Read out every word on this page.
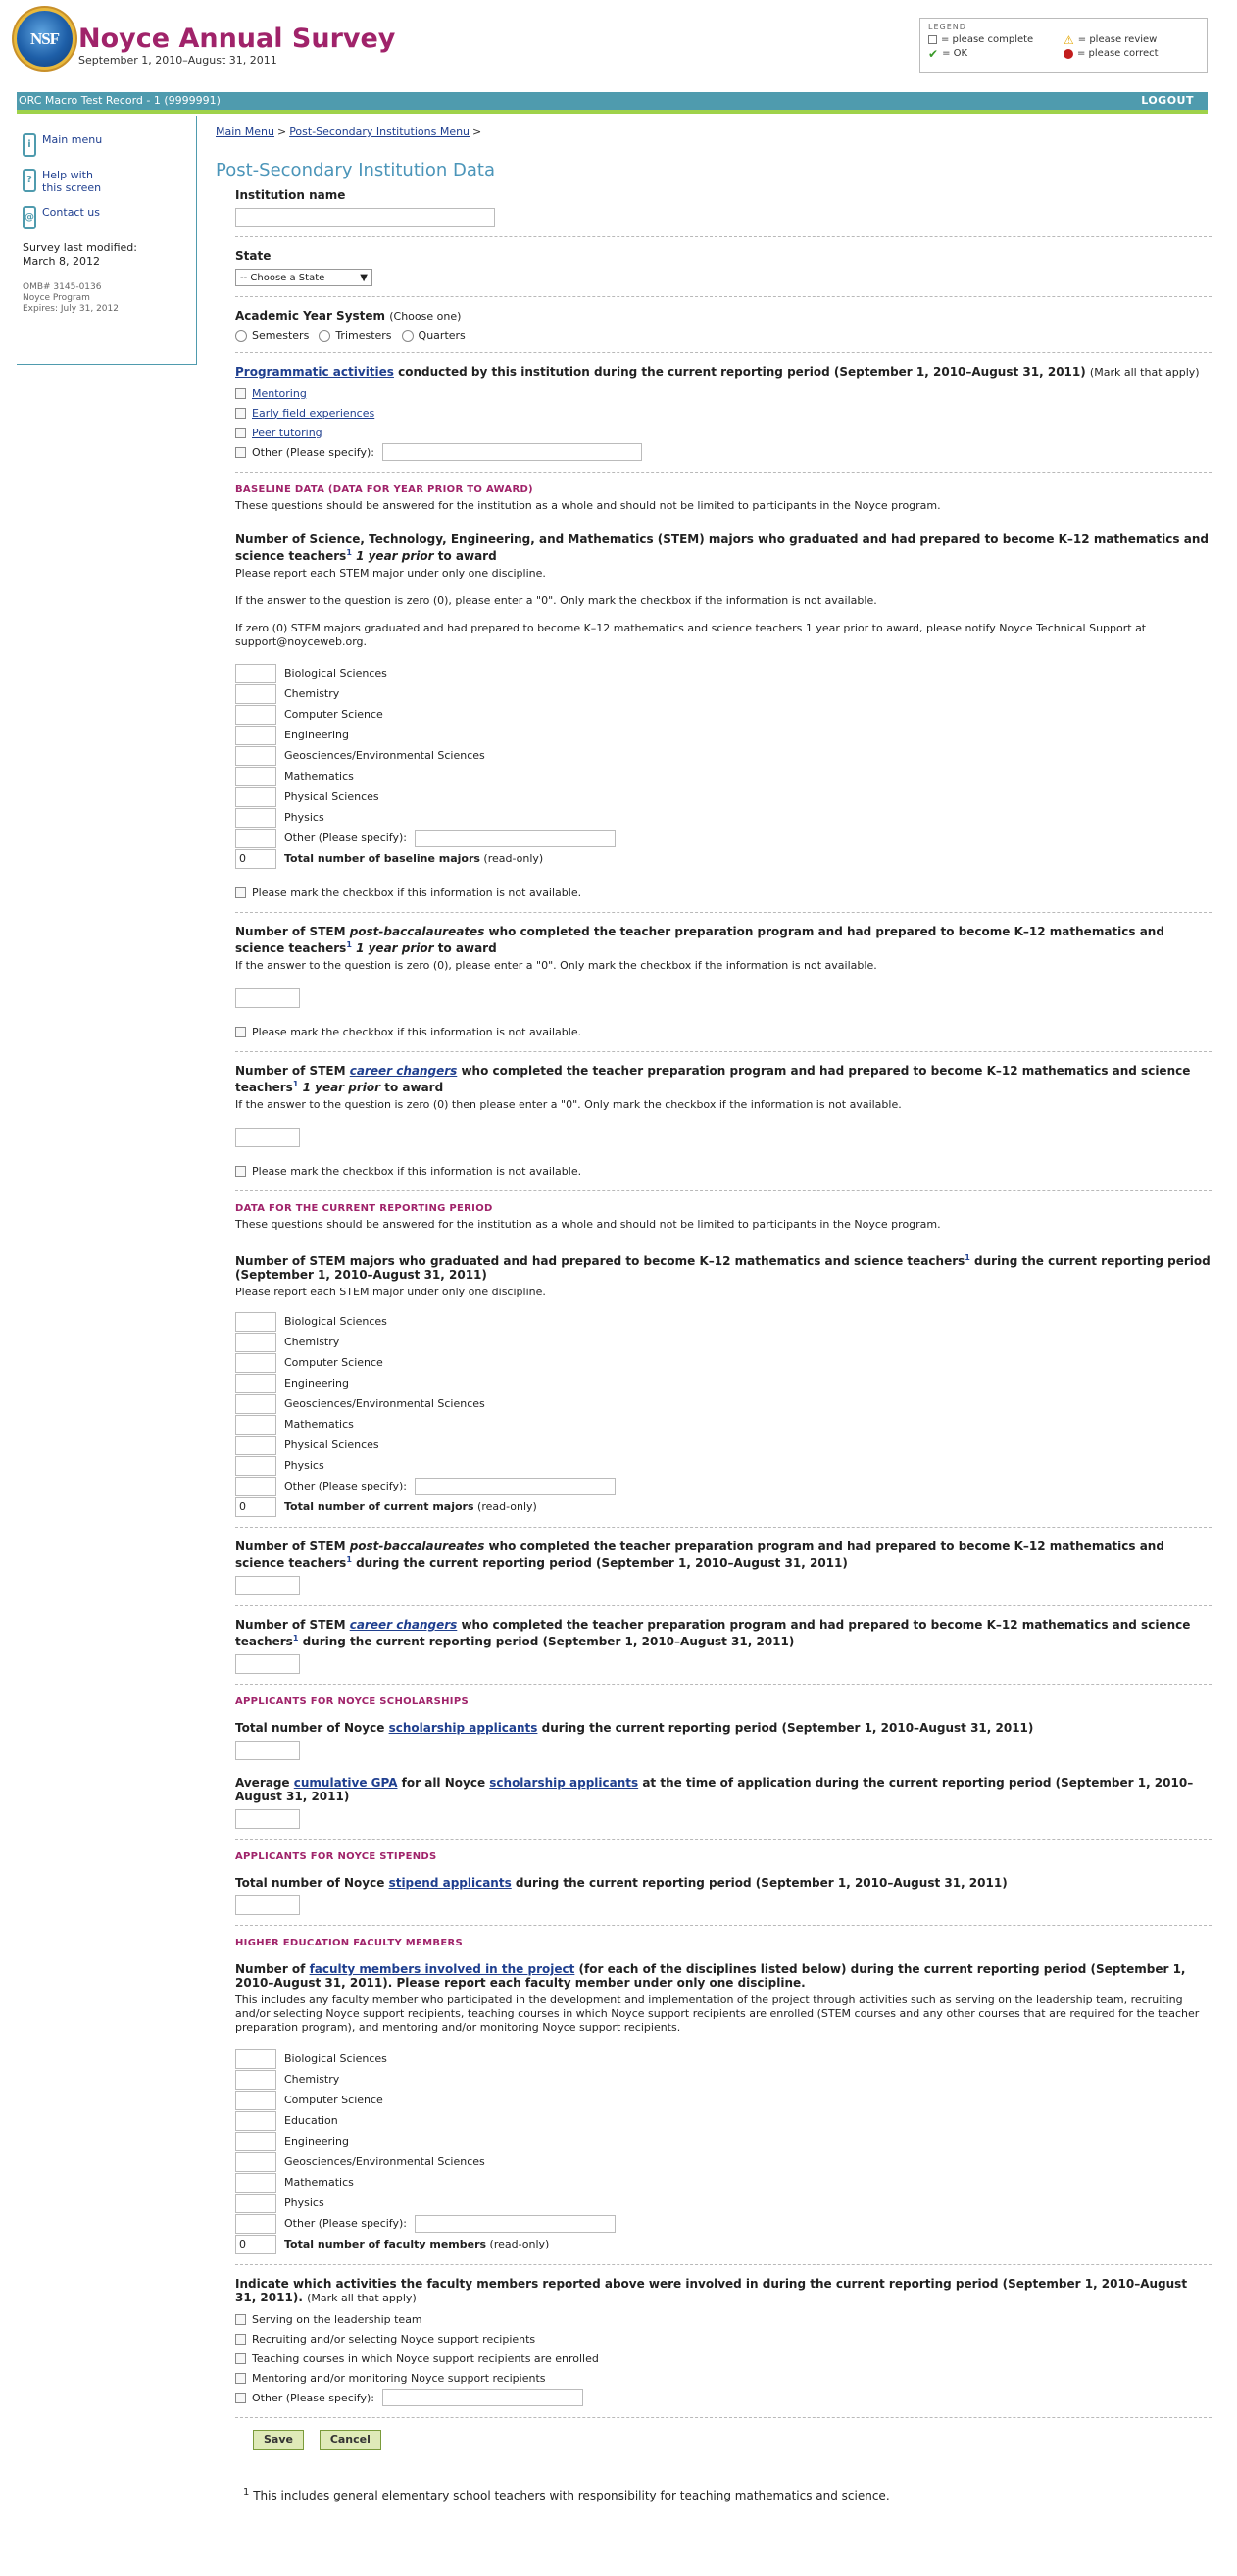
NSF Noyce Annual Survey
September 1, 2010–August 31, 2011
LEGEND
= please complete	⚠ = please review
✔ = OK	= please correct
ORC Macro Test Record - 1 (9999991)	LOGOUT
i	Main menu
? Help with this screen
@ Contact us
Survey last modified:
March 8, 2012
OMB# 3145-0136
Noyce Program
Expires: July 31, 2012
Main Menu > Post-Secondary Institutions Menu >
Post-Secondary Institution Data
Institution name
State
-- Choose a State	▼
Academic Year System (Choose one)
Semesters	Trimesters	Quarters
Programmatic activities conducted by this institution during the current reporting period (September 1, 2010–August 31, 2011) (Mark all that apply)
Mentoring
Early field experiences
Peer tutoring
Other (Please specify):
BASELINE DATA (DATA FOR YEAR PRIOR TO AWARD)
These questions should be answered for the institution as a whole and should not be limited to participants in the Noyce program.
Number of Science, Technology, Engineering, and Mathematics (STEM) majors who graduated and had prepared to become K–12 mathematics and science teachers$^1$ 1 year prior to award
Please report each STEM major under only one discipline.
If the answer to the question is zero (0), please enter a "0". Only mark the checkbox if the information is not available.
If zero (0) STEM majors graduated and had prepared to become K–12 mathematics and science teachers 1 year prior to award, please notify Noyce Technical Support at support@noyceweb.org.
Biological Sciences
Chemistry
Computer Science
Engineering
Geosciences/Environmental Sciences
Mathematics
Physical Sciences
Physics
Other (Please specify):
0	Total number of baseline majors (read-only)
Please mark the checkbox if this information is not available.
Number of STEM post-baccalaureates who completed the teacher preparation program and had prepared to become K–12 mathematics and science teachers$^1$ 1 year prior to award
If the answer to the question is zero (0), please enter a "0". Only mark the checkbox if the information is not available.
Please mark the checkbox if this information is not available.
Number of STEM career changers who completed the teacher preparation program and had prepared to become K–12 mathematics and science teachers$^1$ 1 year prior to award
If the answer to the question is zero (0) then please enter a "0". Only mark the checkbox if the information is not available.
Please mark the checkbox if this information is not available.
DATA FOR THE CURRENT REPORTING PERIOD
These questions should be answered for the institution as a whole and should not be limited to participants in the Noyce program.
Number of STEM majors who graduated and had prepared to become K–12 mathematics and science teachers$^1$ during the current reporting period (September 1, 2010–August 31, 2011)
Please report each STEM major under only one discipline.
Biological Sciences
Chemistry
Computer Science
Engineering
Geosciences/Environmental Sciences
Mathematics
Physical Sciences
Physics
Other (Please specify):
0	Total number of current majors (read-only)
Number of STEM post-baccalaureates who completed the teacher preparation program and had prepared to become K–12 mathematics and science teachers$^1$ during the current reporting period (September 1, 2010–August 31, 2011)
Number of STEM career changers who completed the teacher preparation program and had prepared to become K–12 mathematics and science teachers$^1$ during the current reporting period (September 1, 2010–August 31, 2011)
APPLICANTS FOR NOYCE SCHOLARSHIPS
Total number of Noyce scholarship applicants during the current reporting period (September 1, 2010–August 31, 2011)
Average cumulative GPA for all Noyce scholarship applicants at the time of application during the current reporting period (September 1, 2010–August 31, 2011)
APPLICANTS FOR NOYCE STIPENDS
Total number of Noyce stipend applicants during the current reporting period (September 1, 2010–August 31, 2011)
HIGHER EDUCATION FACULTY MEMBERS
Number of faculty members involved in the project (for each of the disciplines listed below) during the current reporting period (September 1, 2010–August 31, 2011). Please report each faculty member under only one discipline.
This includes any faculty member who participated in the development and implementation of the project through activities such as serving on the leadership team, recruiting and/or selecting Noyce support recipients, teaching courses in which Noyce support recipients are enrolled (STEM courses and any other courses that are required for the teacher preparation program), and mentoring and/or monitoring Noyce support recipients.
Biological Sciences
Chemistry
Computer Science
Education
Engineering
Geosciences/Environmental Sciences
Mathematics
Physics
Other (Please specify):
0	Total number of faculty members (read-only)
Indicate which activities the faculty members reported above were involved in during the current reporting period (September 1, 2010–August 31, 2011). (Mark all that apply)
Serving on the leadership team
Recruiting and/or selecting Noyce support recipients
Teaching courses in which Noyce support recipients are enrolled
Mentoring and/or monitoring Noyce support recipients
Other (Please specify):
Save	Cancel
$^1$ This includes general elementary school teachers with responsibility for teaching mathematics and science.
